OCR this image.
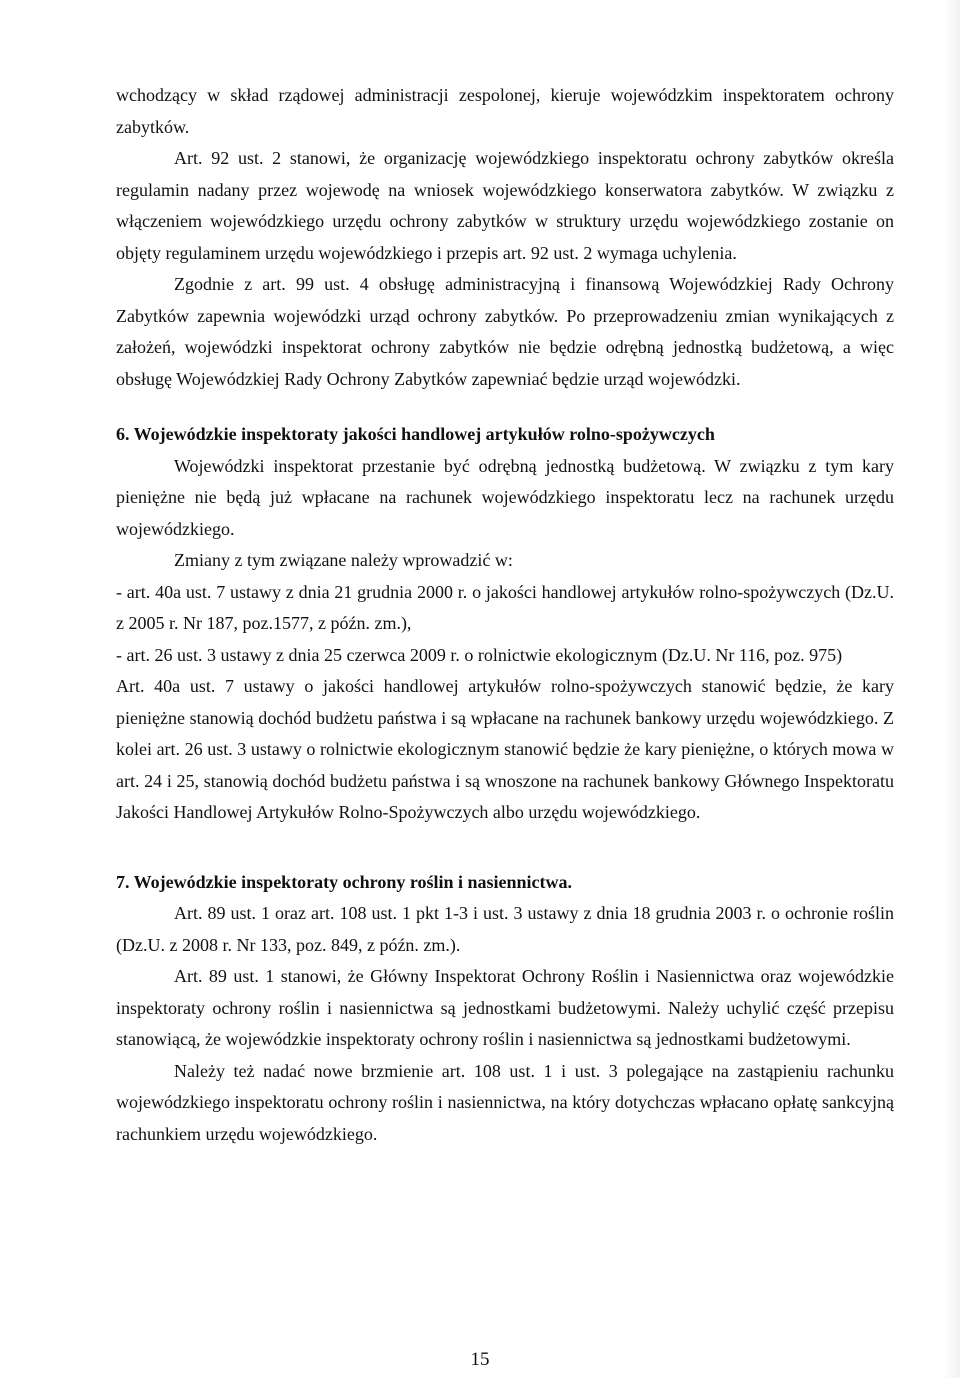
wchodzący w skład rządowej administracji zespolonej, kieruje wojewódzkim inspektoratem ochrony zabytków.

Art. 92 ust. 2 stanowi, że organizację wojewódzkiego inspektoratu ochrony zabytków określa regulamin nadany przez wojewodę na wniosek wojewódzkiego konserwatora zabytków. W związku z włączeniem wojewódzkiego urzędu ochrony zabytków w struktury urzędu wojewódzkiego zostanie on objęty regulaminem urzędu wojewódzkiego i przepis art. 92 ust. 2 wymaga uchylenia.

Zgodnie z art. 99 ust. 4 obsługę administracyjną i finansową Wojewódzkiej Rady Ochrony Zabytków zapewnia wojewódzki urząd ochrony zabytków. Po przeprowadzeniu zmian wynikających z założeń, wojewódzki inspektorat ochrony zabytków nie będzie odrębną jednostką budżetową, a więc obsługę Wojewódzkiej Rady Ochrony Zabytków zapewniać będzie urząd wojewódzki.

6. Wojewódzkie inspektoraty jakości handlowej artykułów rolno-spożywczych

Wojewódzki inspektorat przestanie być odrębną jednostką budżetową. W związku z tym kary pieniężne nie będą już wpłacane na rachunek wojewódzkiego inspektoratu lecz na rachunek urzędu wojewódzkiego.

Zmiany z tym związane należy wprowadzić w:

- art. 40a ust. 7 ustawy z dnia 21 grudnia 2000 r. o jakości handlowej artykułów rolno-spożywczych (Dz.U. z 2005 r. Nr 187, poz.1577, z późn. zm.),

- art. 26 ust. 3 ustawy z dnia 25 czerwca 2009 r. o rolnictwie ekologicznym (Dz.U. Nr 116, poz. 975)

Art. 40a ust. 7 ustawy o jakości handlowej artykułów rolno-spożywczych stanowić będzie, że kary pieniężne stanowią dochód budżetu państwa i są wpłacane na rachunek bankowy urzędu wojewódzkiego. Z kolei art. 26 ust. 3 ustawy o rolnictwie ekologicznym stanowić będzie że kary pieniężne, o których mowa w art. 24 i 25, stanowią dochód budżetu państwa i są wnoszone na rachunek bankowy Głównego Inspektoratu Jakości Handlowej Artykułów Rolno-Spożywczych albo urzędu wojewódzkiego.

7. Wojewódzkie inspektoraty ochrony roślin i nasiennictwa.

Art. 89 ust. 1 oraz art. 108 ust. 1 pkt 1-3 i ust. 3 ustawy z dnia 18 grudnia 2003 r. o ochronie roślin (Dz.U. z 2008 r. Nr 133, poz. 849, z późn. zm.).

Art. 89 ust. 1 stanowi, że Główny Inspektorat Ochrony Roślin i Nasiennictwa oraz wojewódzkie inspektoraty ochrony roślin i nasiennictwa są jednostkami budżetowymi. Należy uchylić część przepisu stanowiącą, że wojewódzkie inspektoraty ochrony roślin i nasiennictwa są jednostkami budżetowymi.

Należy też nadać nowe brzmienie art. 108 ust. 1 i ust. 3 polegające na zastąpieniu rachunku wojewódzkiego inspektoratu ochrony roślin i nasiennictwa, na który dotychczas wpłacano opłatę sankcyjną rachunkiem urzędu wojewódzkiego.

15
